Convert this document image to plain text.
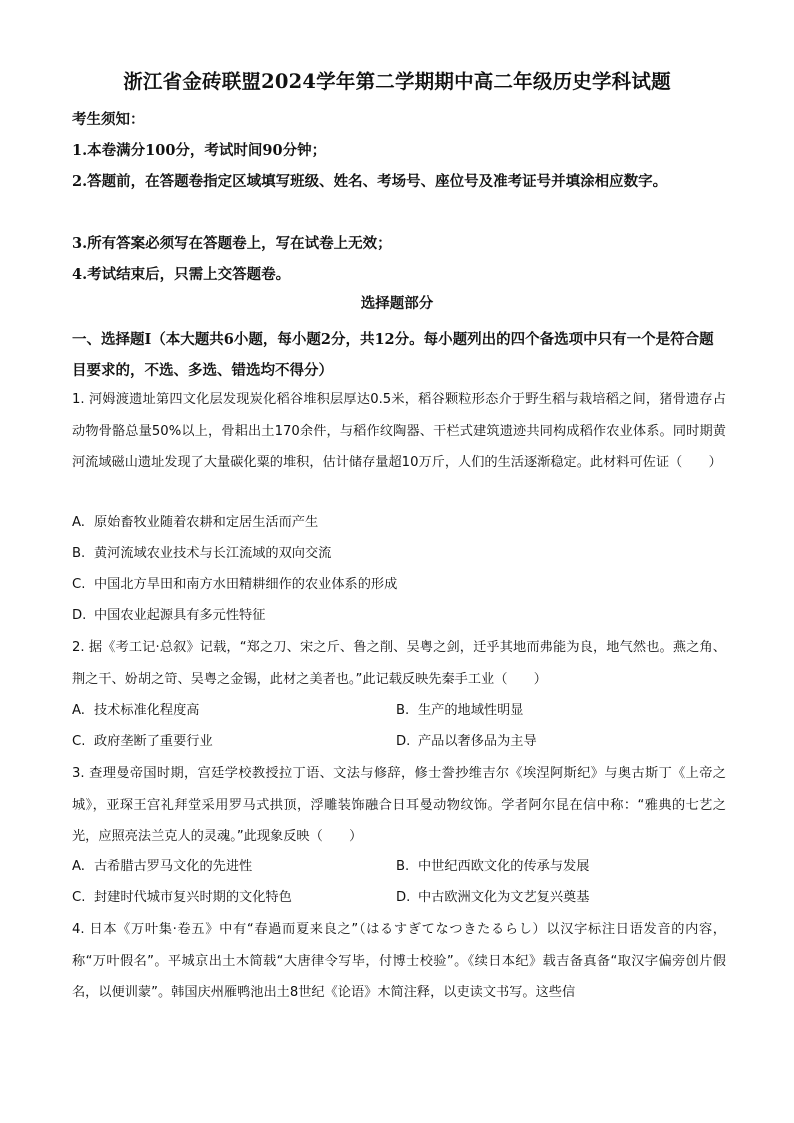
浙江省金砖联盟2024学年第二学期期中高二年级历史学科试题
考生须知：
1.本卷满分100分，考试时间90分钟；
2.答题前，在答题卷指定区域填写班级、姓名、考场号、座位号及准考证号并填涂相应数字。
3.所有答案必须写在答题卷上，写在试卷上无效；
4.考试结束后，只需上交答题卷。
选择题部分
一、选择题Ⅰ（本大题共6小题，每小题2分，共12分。每小题列出的四个备选项中只有一个是符合题目要求的，不选、多选、错选均不得分）
1. 河姆渡遗址第四文化层发现炭化稻谷堆积层厚达0.5米，稻谷颗粒形态介于野生稻与栽培稻之间，猪骨遗存占动物骨骼总量50%以上，骨耜出土170余件，与稻作纹陶器、干栏式建筑遗迹共同构成稻作农业体系。同时期黄河流域磁山遗址发现了大量碳化粟的堆积，估计储存量超10万斤，人们的生活逐渐稳定。此材料可佐证（　　）
A. 原始畜牧业随着农耕和定居生活而产生
B. 黄河流域农业技术与长江流域的双向交流
C. 中国北方旱田和南方水田精耕细作的农业体系的形成
D. 中国农业起源具有多元性特征
2. 据《考工记·总叙》记载，“郑之刀、宋之斤、鲁之削、吴粤之剑，迁乎其地而弗能为良，地气然也。燕之角、荆之干、妢胡之笴、吴粤之金锡，此材之美者也。”此记载反映先秦手工业（　　）
A. 技术标准化程度高	B. 生产的地域性明显
C. 政府垄断了重要行业	D. 产品以奢侈品为主导
3. 查理曼帝国时期，宫廷学校教授拉丁语、文法与修辞，修士誊抄维吉尔《埃涅阿斯纪》与奥古斯丁《上帝之城》，亚琛王宫礼拜堂采用罗马式拱顶，浮雕装饰融合日耳曼动物纹饰。学者阿尔昆在信中称：“雅典的七艺之光，应照亮法兰克人的灵魂。”此现象反映（　　）
A. 古希腊古罗马文化的先进性	B. 中世纪西欧文化的传承与发展
C. 封建时代城市复兴时期的文化特色	D. 中古欧洲文化为文艺复兴奠基
4. 日本《万叶集·卷五》中有“春過而夏来良之”（はるすぎてなつきたるらし）以汉字标注日语发音的内容，称“万叶假名”。平城京出土木简载“大唐律令写毕，付博士校验”。《续日本纪》载吉备真备“取汉字偏旁创片假名，以便训蒙”。韩国庆州雁鸭池出土8世纪《论语》木简注释，以吏读文书写。这些信
